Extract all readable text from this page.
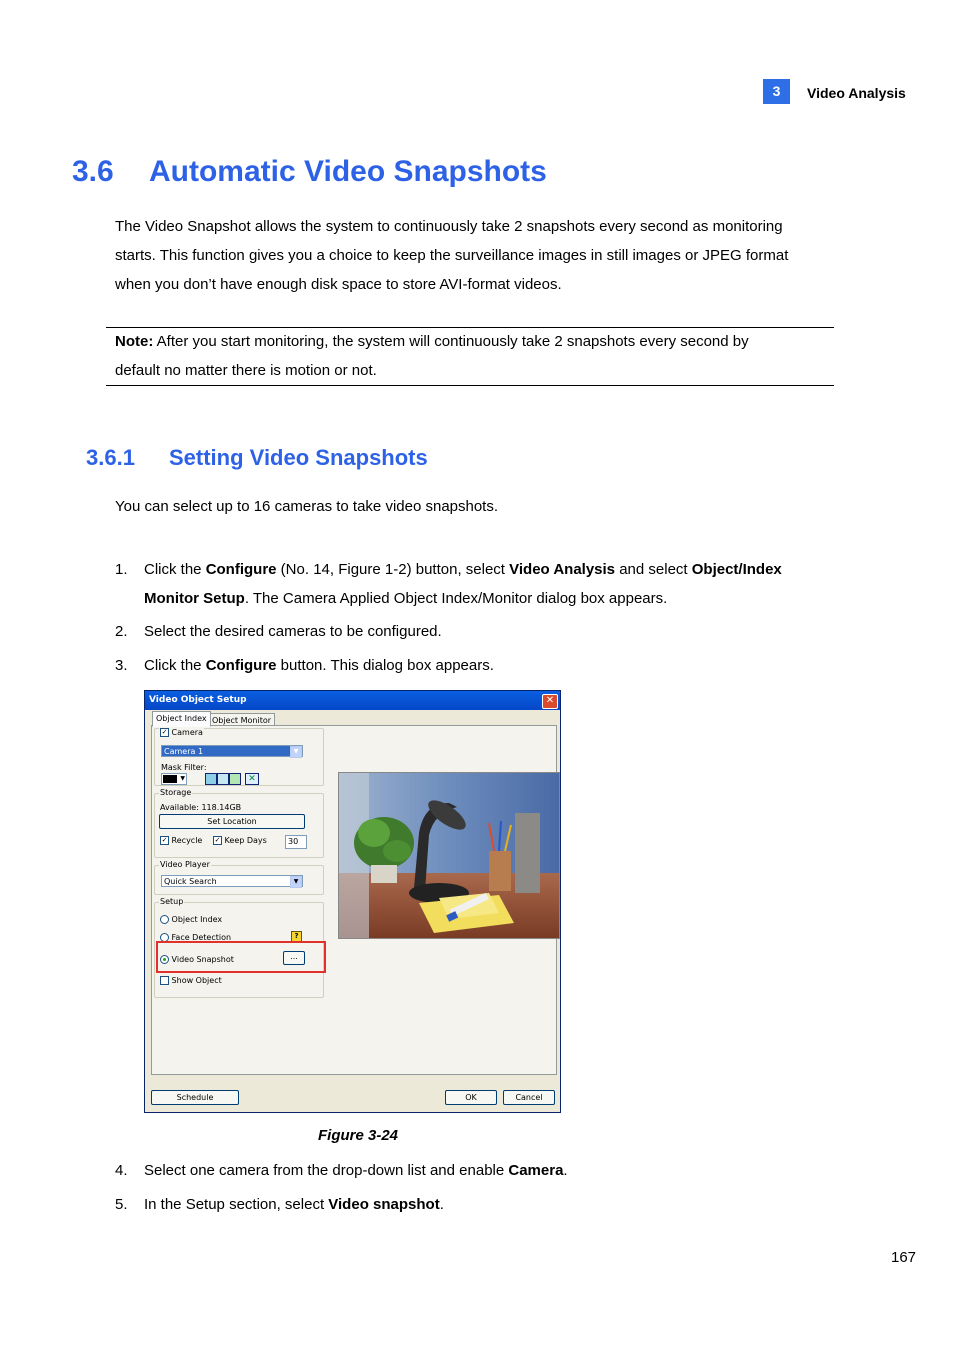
3	Video Analysis
3.6 Automatic Video Snapshots
The Video Snapshot allows the system to continuously take 2 snapshots every second as monitoring
starts. This function gives you a choice to keep the surveillance images in still images or JPEG format
when you don’t have enough disk space to store AVI-format videos.
Note: After you start monitoring, the system will continuously take 2 snapshots every second by
default no matter there is motion or not.
3.6.1 Setting Video Snapshots
You can select up to 16 cameras to take video snapshots.
1. Click the Configure (No. 14, Figure 1-2) button, select Video Analysis and select Object/Index
Monitor Setup. The Camera Applied Object Index/Monitor dialog box appears.
2. Select the desired cameras to be configured.
3. Click the Configure button. This dialog box appears.
Video Object Setup	✕
Object Index Object Monitor
✓ Camera
Camera 1	▼
Mask Filter:
▼	✕
Storage
Available: 118.14GB
Set Location
✓ Recycle ✓ Keep Days	30
Video Player
Quick Search	▼
Setup
Object Index
Face Detection	?
Video Snapshot	...
Show Object
Schedule	OK	Cancel
Figure 3-24
4. Select one camera from the drop-down list and enable Camera.
5. In the Setup section, select Video snapshot.
167
